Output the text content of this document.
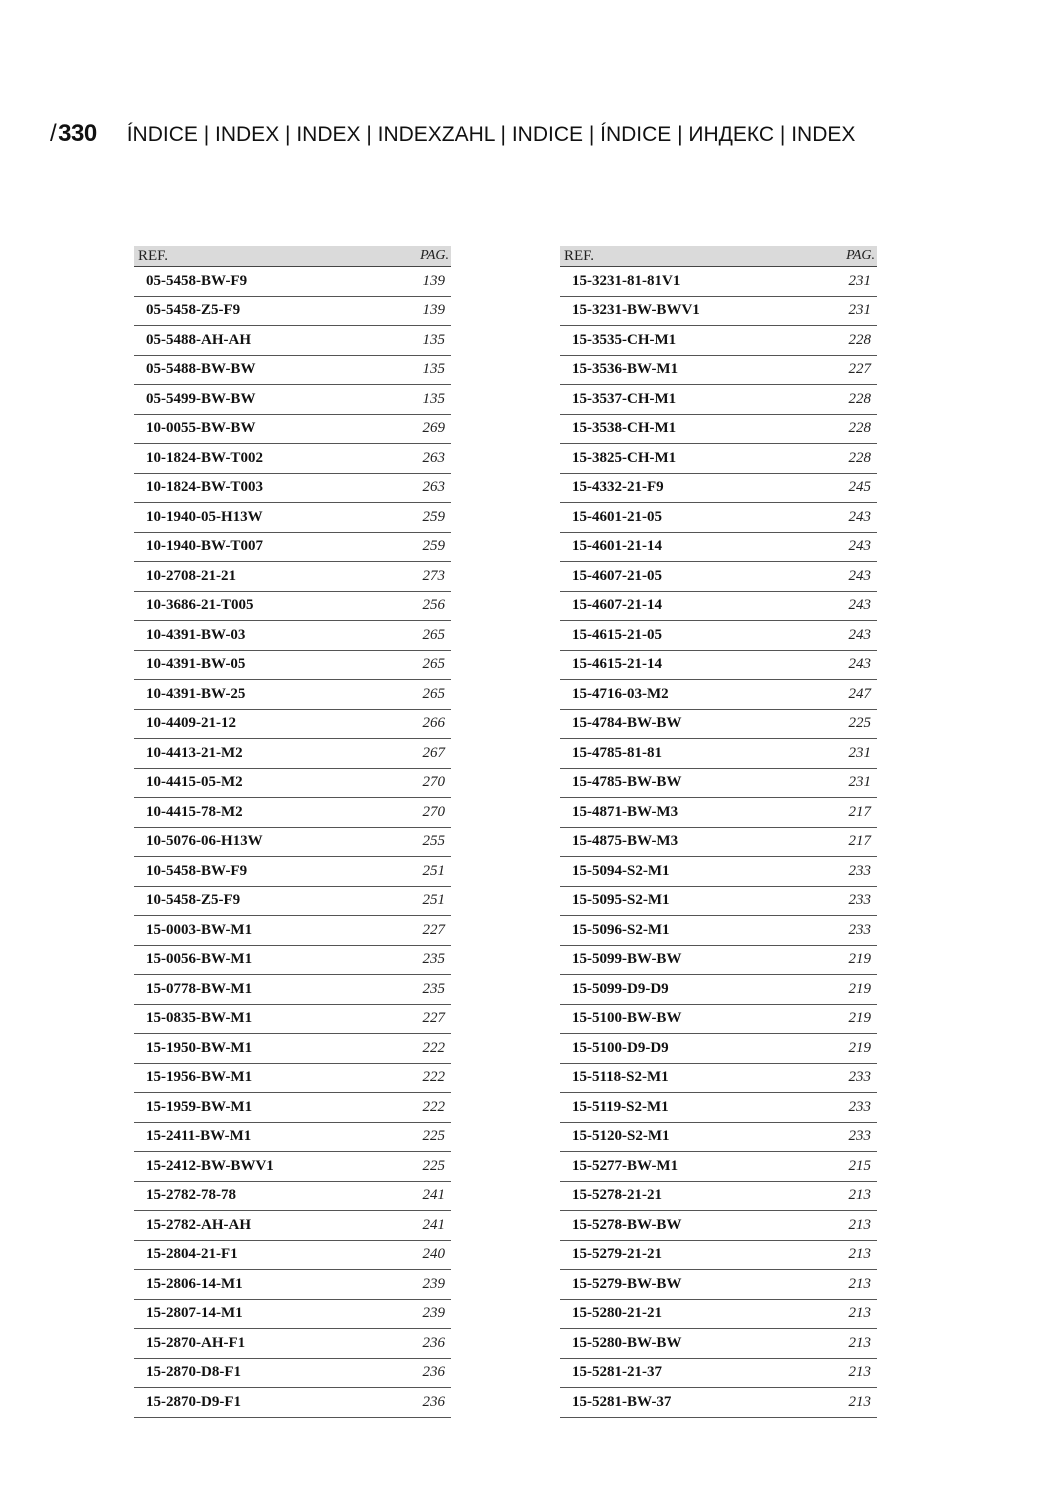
/330 ÍNDICE | INDEX | INDEX | INDEXZAHL | INDICE | ÍNDICE | ИНДЕКС | INDEX
REF.	PAG.
05-5458-BW-F9	139
05-5458-Z5-F9	139
05-5488-AH-AH	135
05-5488-BW-BW	135
05-5499-BW-BW	135
10-0055-BW-BW	269
10-1824-BW-T002	263
10-1824-BW-T003	263
10-1940-05-H13W	259
10-1940-BW-T007	259
10-2708-21-21	273
10-3686-21-T005	256
10-4391-BW-03	265
10-4391-BW-05	265
10-4391-BW-25	265
10-4409-21-12	266
10-4413-21-M2	267
10-4415-05-M2	270
10-4415-78-M2	270
10-5076-06-H13W	255
10-5458-BW-F9	251
10-5458-Z5-F9	251
15-0003-BW-M1	227
15-0056-BW-M1	235
15-0778-BW-M1	235
15-0835-BW-M1	227
15-1950-BW-M1	222
15-1956-BW-M1	222
15-1959-BW-M1	222
15-2411-BW-M1	225
15-2412-BW-BWV1	225
15-2782-78-78	241
15-2782-AH-AH	241
15-2804-21-F1	240
15-2806-14-M1	239
15-2807-14-M1	239
15-2870-AH-F1	236
15-2870-D8-F1	236
15-2870-D9-F1	236
REF.	PAG.
15-3231-81-81V1	231
15-3231-BW-BWV1	231
15-3535-CH-M1	228
15-3536-BW-M1	227
15-3537-CH-M1	228
15-3538-CH-M1	228
15-3825-CH-M1	228
15-4332-21-F9	245
15-4601-21-05	243
15-4601-21-14	243
15-4607-21-05	243
15-4607-21-14	243
15-4615-21-05	243
15-4615-21-14	243
15-4716-03-M2	247
15-4784-BW-BW	225
15-4785-81-81	231
15-4785-BW-BW	231
15-4871-BW-M3	217
15-4875-BW-M3	217
15-5094-S2-M1	233
15-5095-S2-M1	233
15-5096-S2-M1	233
15-5099-BW-BW	219
15-5099-D9-D9	219
15-5100-BW-BW	219
15-5100-D9-D9	219
15-5118-S2-M1	233
15-5119-S2-M1	233
15-5120-S2-M1	233
15-5277-BW-M1	215
15-5278-21-21	213
15-5278-BW-BW	213
15-5279-21-21	213
15-5279-BW-BW	213
15-5280-21-21	213
15-5280-BW-BW	213
15-5281-21-37	213
15-5281-BW-37	213
